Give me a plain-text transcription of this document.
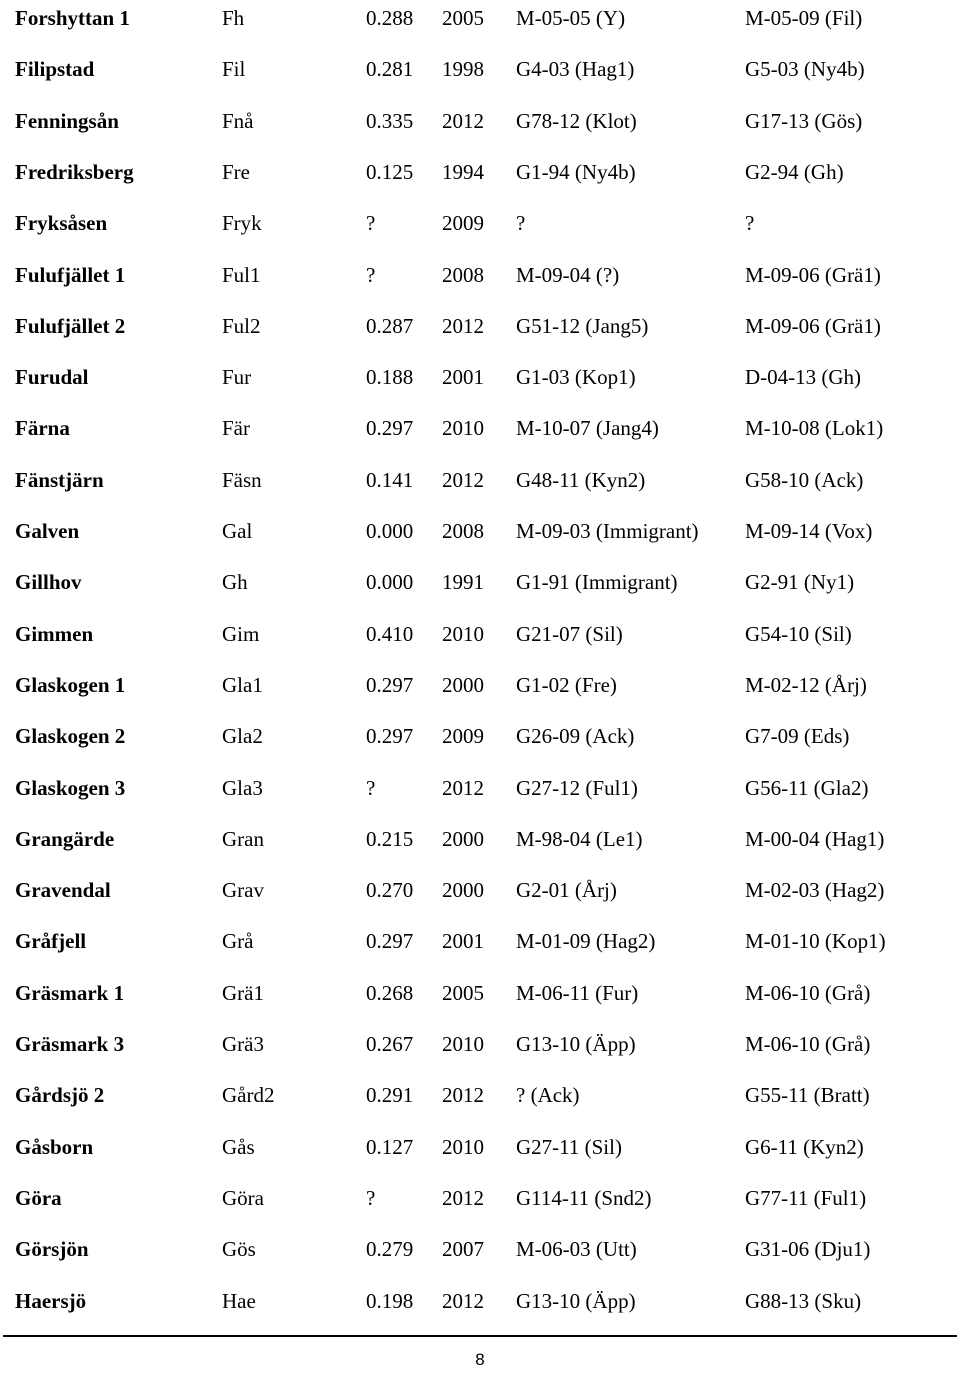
Forshyttan 1	Fh	0.288 2005 M-05-05 (Y)	M-05-09 (Fil)
Filipstad	Fil	0.281 1998 G4-03 (Hag1)	G5-03 (Ny4b)
Fenningsån	Fnå	0.335 2012 G78-12 (Klot)	G17-13 (Gös)
Fredriksberg	Fre	0.125 1994 G1-94 (Ny4b)	G2-94 (Gh)
Fryksåsen	Fryk	?	2009 ?	?
Fulufjället 1	Ful1	?	2008 M-09-04 (?)	M-09-06 (Grä1)
Fulufjället 2	Ful2	0.287 2012 G51-12 (Jang5)	M-09-06 (Grä1)
Furudal	Fur	0.188 2001 G1-03 (Kop1)	D-04-13 (Gh)
Färna	Fär	0.297 2010 M-10-07 (Jang4)	M-10-08 (Lok1)
Fänstjärn	Fäsn	0.141 2012 G48-11 (Kyn2)	G58-10 (Ack)
Galven	Gal	0.000 2008 M-09-03 (Immigrant) M-09-14 (Vox)
Gillhov	Gh	0.000 1991 G1-91 (Immigrant)	G2-91 (Ny1)
Gimmen	Gim	0.410 2010 G21-07 (Sil)	G54-10 (Sil)
Glaskogen 1	Gla1	0.297 2000 G1-02 (Fre)	M-02-12 (Årj)
Glaskogen 2	Gla2	0.297 2009 G26-09 (Ack)	G7-09 (Eds)
Glaskogen 3	Gla3	?	2012 G27-12 (Ful1)	G56-11 (Gla2)
Grangärde	Gran	0.215 2000 M-98-04 (Le1)	M-00-04 (Hag1)
Gravendal	Grav	0.270 2000 G2-01 (Årj)	M-02-03 (Hag2)
Gråfjell	Grå	0.297 2001 M-01-09 (Hag2)	M-01-10 (Kop1)
Gräsmark 1	Grä1	0.268 2005 M-06-11 (Fur)	M-06-10 (Grå)
Gräsmark 3	Grä3	0.267 2010 G13-10 (Äpp)	M-06-10 (Grå)
Gårdsjö 2	Gård2	0.291 2012 ? (Ack)	G55-11 (Bratt)
Gåsborn	Gås	0.127 2010 G27-11 (Sil)	G6-11 (Kyn2)
Göra	Göra	?	2012 G114-11 (Snd2)	G77-11 (Ful1)
Görsjön	Gös	0.279 2007 M-06-03 (Utt)	G31-06 (Dju1)
Haersjö	Hae	0.198 2012 G13-10 (Äpp)	G88-13 (Sku)
8
